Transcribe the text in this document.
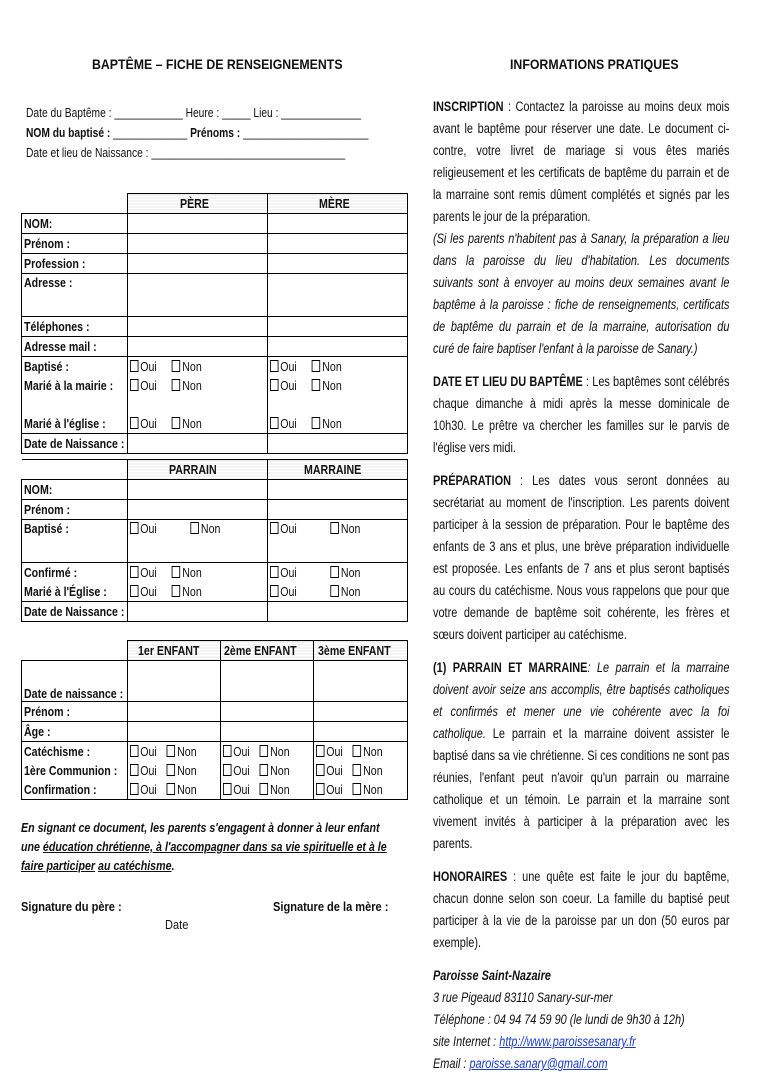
BAPTÊME – FICHE DE RENSEIGNEMENTS
Date du Baptême : ____________ Heure : _____ Lieu : ______________
NOM du baptisé : _____________ Prénoms : ______________________
Date et lieu de Naissance : __________________________________
	PÈRE	MÈRE
NOM:		
Prénom :		
Profession :		
Adresse :		
Téléphones :		
Adresse mail :		
Baptisé :	Oui Non	Oui Non
Marié à la mairie :	Oui Non	Oui Non

Marié à l'église :	Oui Non	Oui Non
Date de Naissance :		
	PARRAIN	MARRAINE
NOM:		
Prénom :		
Baptisé :	Oui Non	Oui Non
Confirmé :	Oui Non	Oui Non
Marié à l'Église :	Oui Non	Oui Non
Date de Naissance :		
	1er ENFANT	2ème ENFANT	3ème ENFANT
Date de naissance :			
Prénom :			
Âge :			
Catéchisme :	Oui Non	Oui Non	Oui Non
1ère Communion :	Oui Non	Oui Non	Oui Non
Confirmation :	Oui Non	Oui Non	Oui Non
En signant ce document, les parents s'engagent à donner à leur enfant une éducation chrétienne, à l'accompagner dans sa vie spirituelle et à le faire participer au catéchisme.
Signature du père :	Signature de la mère :
Date
INFORMATIONS PRATIQUES

INSCRIPTION : Contactez la paroisse au moins deux mois avant le baptême pour réserver une date. Le document ci-contre, votre livret de mariage si vous êtes mariés religieusement et les certificats de baptême du parrain et de la marraine sont remis dûment complétés et signés par les parents le jour de la préparation.
(Si les parents n'habitent pas à Sanary, la préparation a lieu dans la paroisse du lieu d'habitation. Les documents suivants sont à envoyer au moins deux semaines avant le baptême à la paroisse : fiche de renseignements, certificats de baptême du parrain et de la marraine, autorisation du curé de faire baptiser l'enfant à la paroisse de Sanary.)

DATE ET LIEU DU BAPTÊME : Les baptêmes sont célébrés chaque dimanche à midi après la messe dominicale de 10h30. Le prêtre va chercher les familles sur le parvis de l'église vers midi.

PRÉPARATION : Les dates vous seront données au secrétariat au moment de l'inscription. Les parents doivent participer à la session de préparation. Pour le baptême des enfants de 3 ans et plus, une brève préparation individuelle est proposée. Les enfants de 7 ans et plus seront baptisés au cours du catéchisme. Nous vous rappelons que pour que votre demande de baptême soit cohérente, les frères et sœurs doivent participer au catéchisme.

(1) PARRAIN ET MARRAINE: Le parrain et la marraine doivent avoir seize ans accomplis, être baptisés catholiques et confirmés et mener une vie cohérente avec la foi catholique. Le parrain et la marraine doivent assister le baptisé dans sa vie chrétienne. Si ces conditions ne sont pas réunies, l'enfant peut n'avoir qu'un parrain ou marraine catholique et un témoin. Le parrain et la marraine sont vivement invités à participer à la préparation avec les parents.

HONORAIRES : une quête est faite le jour du baptême, chacun donne selon son coeur. La famille du baptisé peut participer à la vie de la paroisse par un don (50 euros par exemple).

Paroisse Saint-Nazaire
3 rue Pigeaud 83110 Sanary-sur-mer
Téléphone : 04 94 74 59 90 (le lundi de 9h30 à 12h)
site Internet : http://www.paroissesanary.fr
Email : paroisse.sanary@gmail.com
